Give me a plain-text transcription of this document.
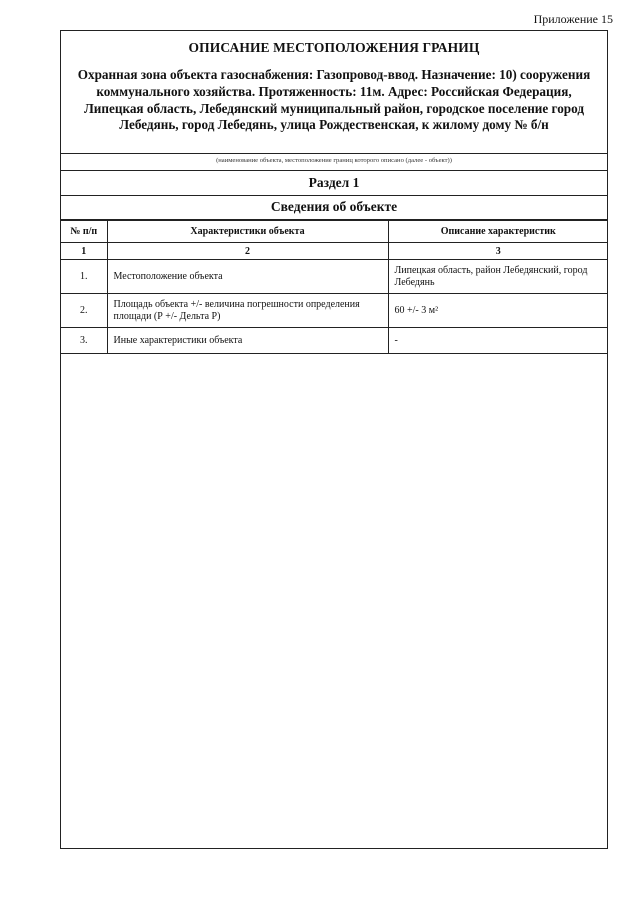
Приложение 15
ОПИСАНИЕ МЕСТОПОЛОЖЕНИЯ ГРАНИЦ
Охранная зона объекта газоснабжения: Газопровод-ввод. Назначение: 10) сооружения коммунального хозяйства. Протяженность: 11м. Адрес: Российская Федерация, Липецкая область, Лебедянский муниципальный район, городское поселение город Лебедянь, город Лебедянь, улица Рождественская, к жилому дому № б/н
(наименование объекта, местоположение границ которого описано (далее - объект))
Раздел 1
Сведения об объекте
№ п/п	Характеристики объекта	Описание характеристик
1	2	3
1.	Местоположение объекта	Липецкая область, район Лебедянский, город Лебедянь
2.	Площадь объекта +/- величина погрешности определения площади (Р +/- Дельта Р)	60 +/- 3 м²
3.	Иные характеристики объекта	-
